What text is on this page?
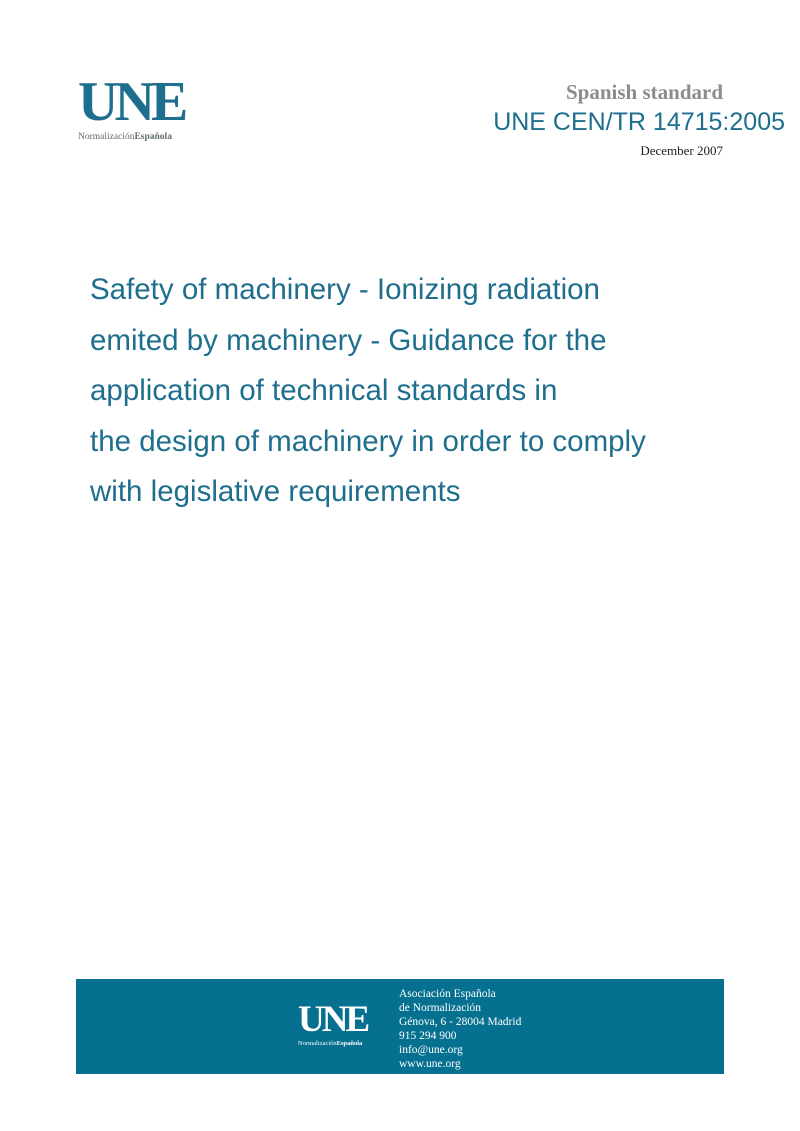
UNE
NormalizaciónEspañola
Spanish standard
UNE CEN/TR 14715:2005
December 2007
Safety of machinery - Ionizing radiation
emited by machinery - Guidance for the
application of technical standards in
the design of machinery in order to comply
with legislative requirements
UNE
NormalizaciónEspañola
Asociación Española
de Normalización
Génova, 6 - 28004 Madrid
915 294 900
info@une.org
www.une.org
